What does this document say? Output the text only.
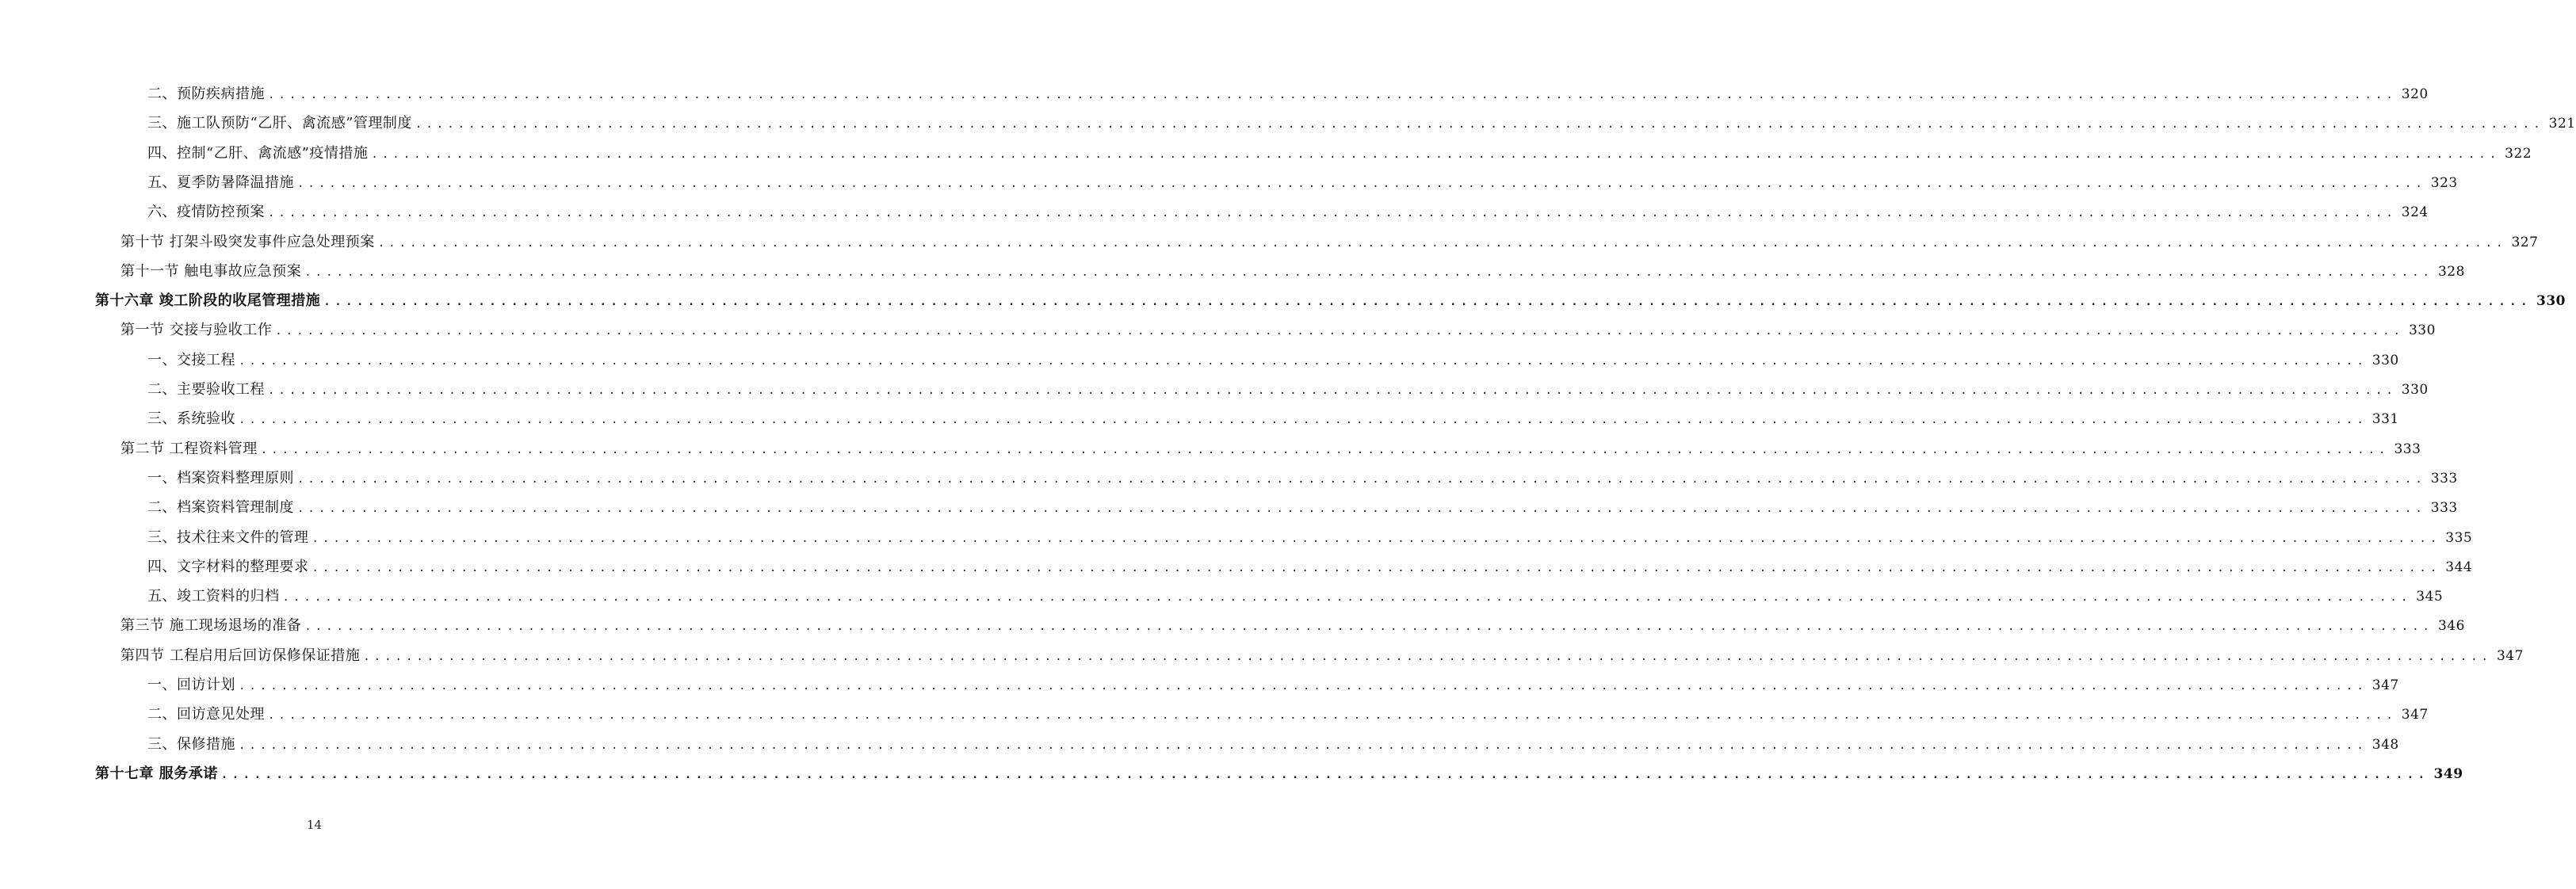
二、预防疾病措施 ........................................................................................................................................................................................................ 320
三、施工队预防“乙肝、禽流感”管理制度 ........................................................................................................................................................................................................ 321
四、控制“乙肝、禽流感”疫情措施 ........................................................................................................................................................................................................ 322
五、夏季防暑降温措施 ........................................................................................................................................................................................................ 323
六、疫情防控预案 ........................................................................................................................................................................................................ 324
第十节 打架斗殴突发事件应急处理预案 ........................................................................................................................................................................................................ 327
第十一节 触电事故应急预案 ........................................................................................................................................................................................................ 328
第十六章 竣工阶段的收尾管理措施 ........................................................................................................................................................................................................ 330
第一节 交接与验收工作 ........................................................................................................................................................................................................ 330
一、交接工程 ........................................................................................................................................................................................................ 330
二、主要验收工程 ........................................................................................................................................................................................................ 330
三、系统验收 ........................................................................................................................................................................................................ 331
第二节 工程资料管理 ........................................................................................................................................................................................................ 333
一、档案资料整理原则 ........................................................................................................................................................................................................ 333
二、档案资料管理制度 ........................................................................................................................................................................................................ 333
三、技术往来文件的管理 ........................................................................................................................................................................................................ 335
四、文字材料的整理要求 ........................................................................................................................................................................................................ 344
五、竣工资料的归档 ........................................................................................................................................................................................................ 345
第三节 施工现场退场的准备 ........................................................................................................................................................................................................ 346
第四节 工程启用后回访保修保证措施 ........................................................................................................................................................................................................ 347
一、回访计划 ........................................................................................................................................................................................................ 347
二、回访意见处理 ........................................................................................................................................................................................................ 347
三、保修措施 ........................................................................................................................................................................................................ 348
第十七章 服务承诺 ........................................................................................................................................................................................................ 349
14
